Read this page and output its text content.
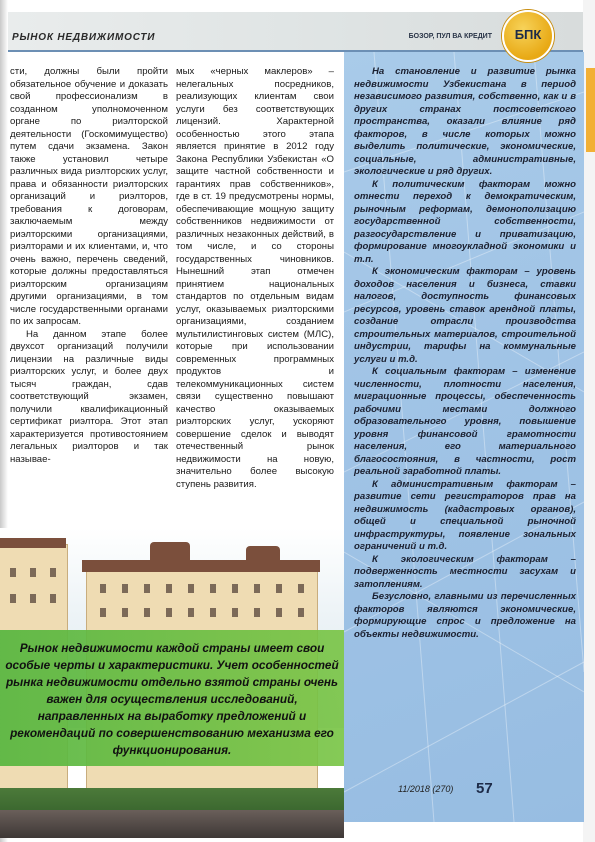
РЫНОК НЕДВИЖИМОСТИ	БОЗОР, ПУЛ ВА КРЕДИТ	БПК

сти, должны были пройти обязательное обучение и доказать свой профессионализм в созданном уполномоченном органе по риэлторской деятельности (Госкомимущество) путем сдачи экзамена. Закон также установил четыре различных вида риэлторских услуг, права и обязанности риэлторских организаций и риэлторов, требования к договорам, заключаемым между риэлторскими организациями, риэлторами и их клиентами, и, что очень важно, перечень сведений, которые должны предоставляться риэлторским организациям другими организациями, в том числе государственными органами по их запросам.

На данном этапе более двухсот организаций получили лицензии на различные виды риэлторских услуг, и более двух тысяч граждан, сдав соответствующий экзамен, получили квалификационный сертификат риэлтора. Этот этап характеризуется противостоянием легальных риэлторов и так называе-

мых «черных маклеров» – нелегальных посредников, реализующих клиентам свои услуги без соответствующих лицензий. Характерной особенностью этого этапа является принятие в 2012 году Закона Республики Узбекистан «О защите частной собственности и гарантиях прав собственников», где в ст. 19 предусмотрены нормы, обеспечивающие мощную защиту собственников недвижимости от различных незаконных действий, в том числе, и со стороны государственных чиновников. Нынешний этап отмечен принятием национальных стандартов по отдельным видам услуг, оказываемых риэлторскими организациями, созданием мультилистинговых систем (МЛС), которые при использовании современных программных продуктов и телекоммуникационных систем связи существенно повышают качество оказываемых риэлторских услуг, ускоряют совершение сделок и выводят отечественный рынок недвижимости на новую, значительно более высокую ступень развития.

Рынок недвижимости каждой страны имеет свои особые черты и характеристики. Учет особенностей рынка недвижимости отдельно взятой страны очень важен для осуществления исследований, направленных на выработку предложений и рекомендаций по совершенствованию механизма его функционирования.

На становление и развитие рынка недвижимости Узбекистана в период независимого развития, собственно, как и в других странах постсоветского пространства, оказали влияние ряд факторов, в числе которых можно выделить политические, экономические, социальные, административные, экологические и ряд других.

К политическим факторам можно отнести переход к демократическим, рыночным реформам, демонополизацию государственной собственности, разгосударствление и приватизацию, формирование многоукладной экономики и т.п.

К экономическим факторам – уровень доходов населения и бизнеса, ставки налогов, доступность финансовых ресурсов, уровень ставок арендной платы, создание отрасли производства строительных материалов, строительной индустрии, тарифы на коммунальные услуги и т.д.

К социальным факторам – изменение численности, плотности населения, миграционные процессы, обеспеченность рабочими местами должного образовательного уровня, повышение уровня финансовой грамотности населения, его материального благосостояния, в частности, рост реальной заработной платы.

К административным факторам – развитие сети регистраторов прав на недвижимость (кадастровых органов), общей и специальной рыночной инфраструктуры, появление зональных ограничений и т.д.

К экологическим факторам – подверженность местности засухам и затоплениям.

Безусловно, главными из перечисленных факторов являются экономические, формирующие спрос и предложение на объекты недвижимости.

11/2018 (270) 57
